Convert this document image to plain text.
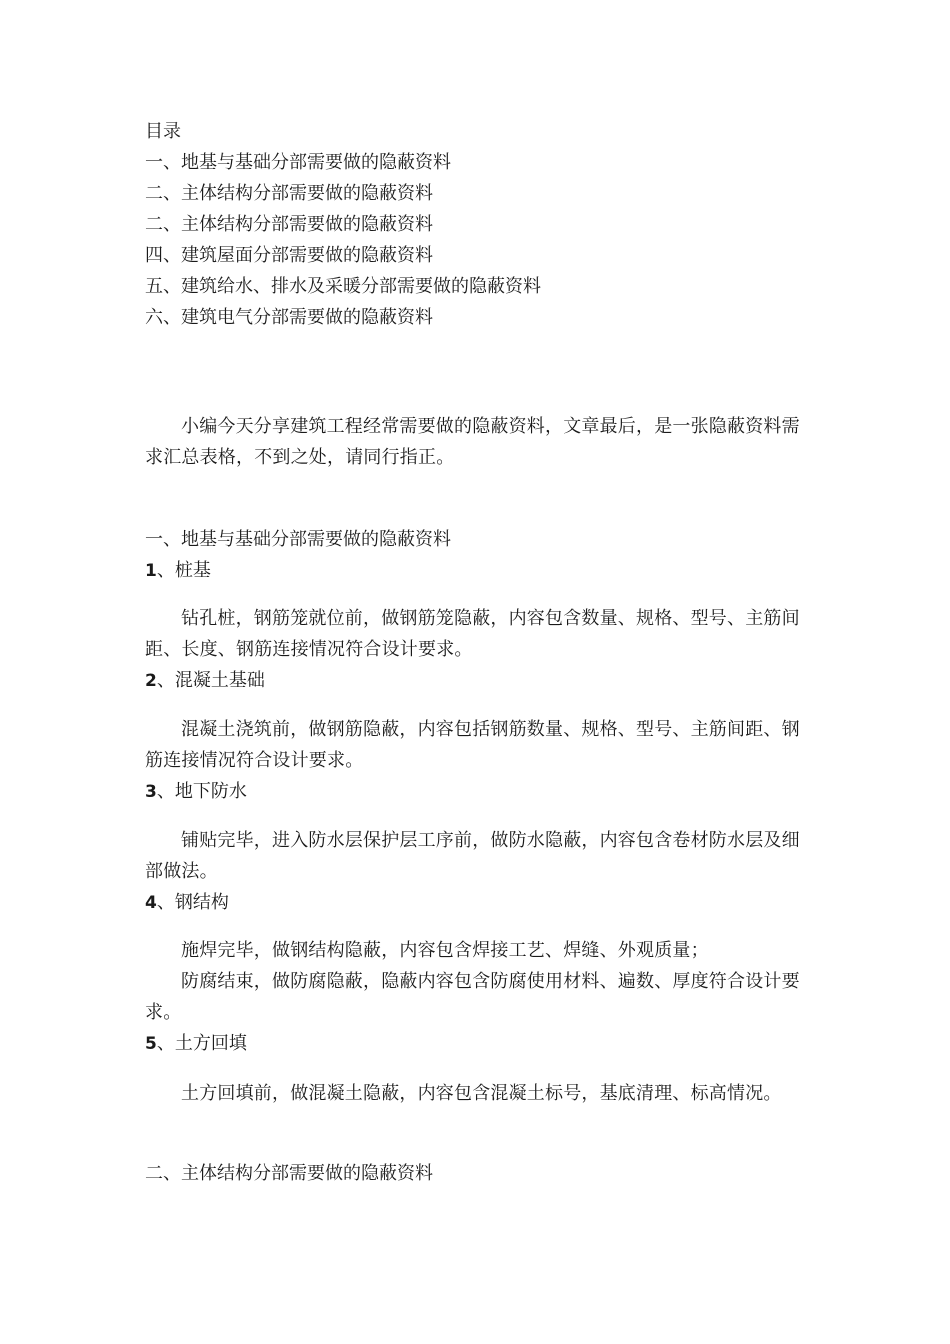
目录
一、地基与基础分部需要做的隐蔽资料
二、主体结构分部需要做的隐蔽资料
二、主体结构分部需要做的隐蔽资料
四、建筑屋面分部需要做的隐蔽资料
五、建筑给水、排水及采暖分部需要做的隐蔽资料
六、建筑电气分部需要做的隐蔽资料
小编今天分享建筑工程经常需要做的隐蔽资料，文章最后，是一张隐蔽资料需求汇总表格，不到之处，请同行指正。
一、地基与基础分部需要做的隐蔽资料
1、桩基
钻孔桩，钢筋笼就位前，做钢筋笼隐蔽，内容包含数量、规格、型号、主筋间距、长度、钢筋连接情况符合设计要求。
2、混凝土基础
混凝土浇筑前，做钢筋隐蔽，内容包括钢筋数量、规格、型号、主筋间距、钢筋连接情况符合设计要求。
3、地下防水
铺贴完毕，进入防水层保护层工序前，做防水隐蔽，内容包含卷材防水层及细部做法。
4、钢结构
施焊完毕，做钢结构隐蔽，内容包含焊接工艺、焊缝、外观质量；
防腐结束，做防腐隐蔽，隐蔽内容包含防腐使用材料、遍数、厚度符合设计要求。
5、土方回填
土方回填前，做混凝土隐蔽，内容包含混凝土标号，基底清理、标高情况。
二、主体结构分部需要做的隐蔽资料
